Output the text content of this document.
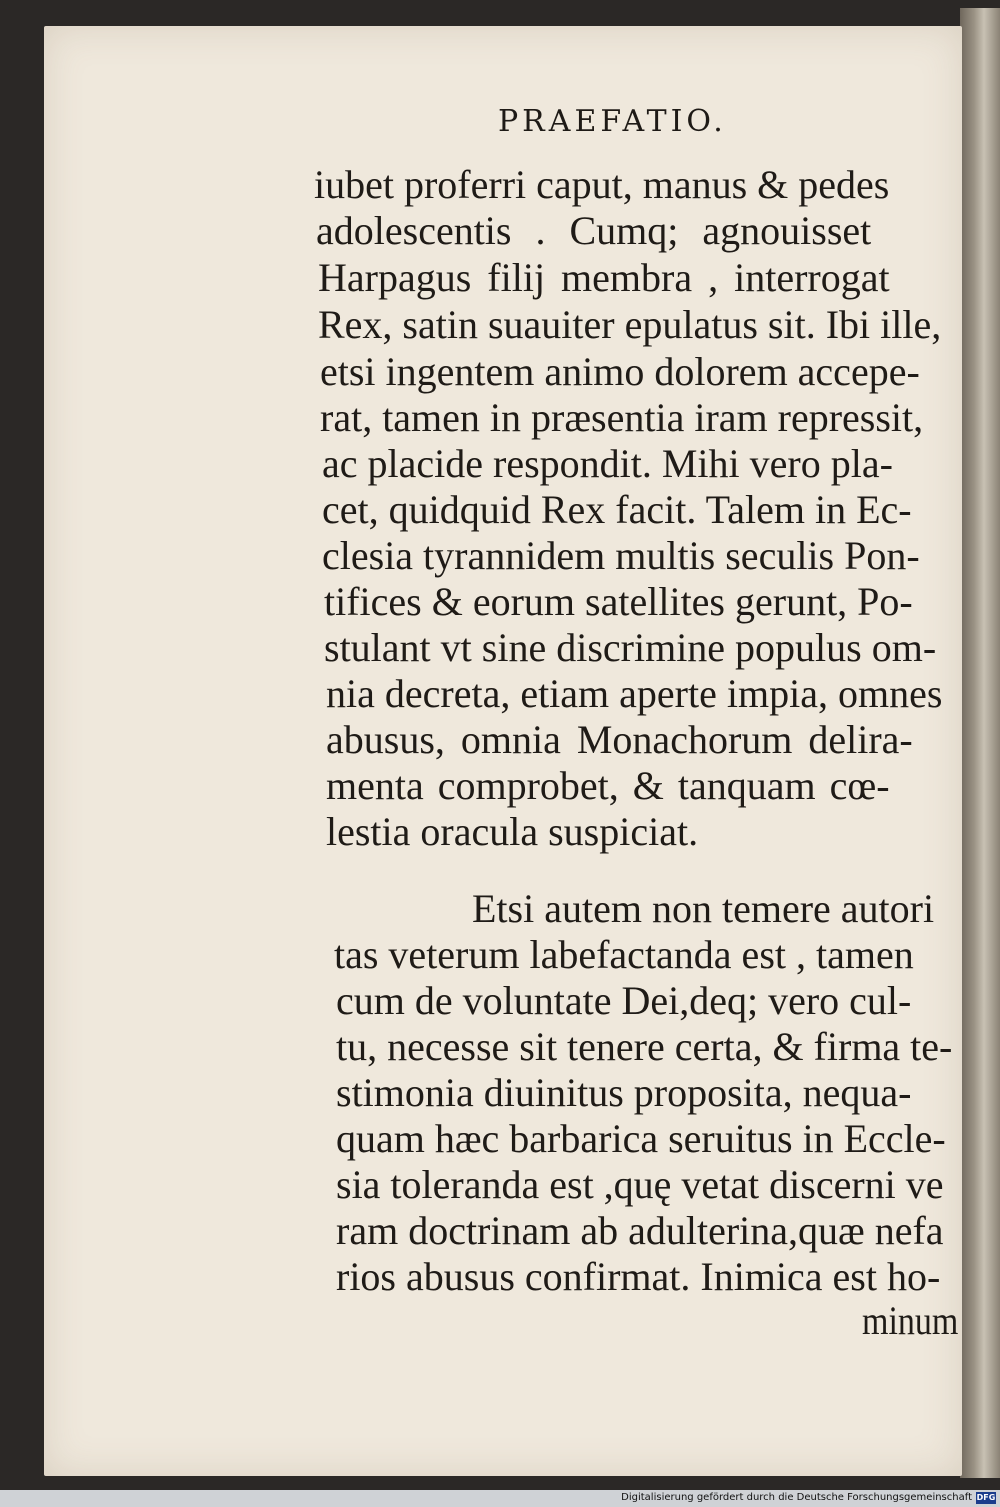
PRAEFATIO.
iubet proferri caput, manus & pedes
adolescentis . Cumq; agnouisset
Harpagus filij membra , interrogat
Rex, satin suauiter epulatus sit. Ibi ille,
etsi ingentem animo dolorem accepe-
rat, tamen in præsentia iram repressit,
ac placide respondit. Mihi vero pla-
cet, quidquid Rex facit. Talem in Ec-
clesia tyrannidem multis seculis Pon-
tifices & eorum satellites gerunt, Po-
stulant vt sine discrimine populus om-
nia decreta, etiam aperte impia, omnes
abusus, omnia Monachorum delira-
menta comprobet, & tanquam cœ-
lestia oracula suspiciat.
Etsi autem non temere autori
tas veterum labefactanda est , tamen
cum de voluntate Dei,deq; vero cul-
tu, necesse sit tenere certa, & firma te-
stimonia diuinitus proposita, nequa-
quam hæc barbarica seruitus in Eccle-
sia toleranda est ,quę vetat discerni ve
ram doctrinam ab adulterina,quæ nefa
rios abusus confirmat. Inimica est ho-
minum
Digitalisierung gefördert durch die Deutsche Forschungsgemeinschaft DFG
